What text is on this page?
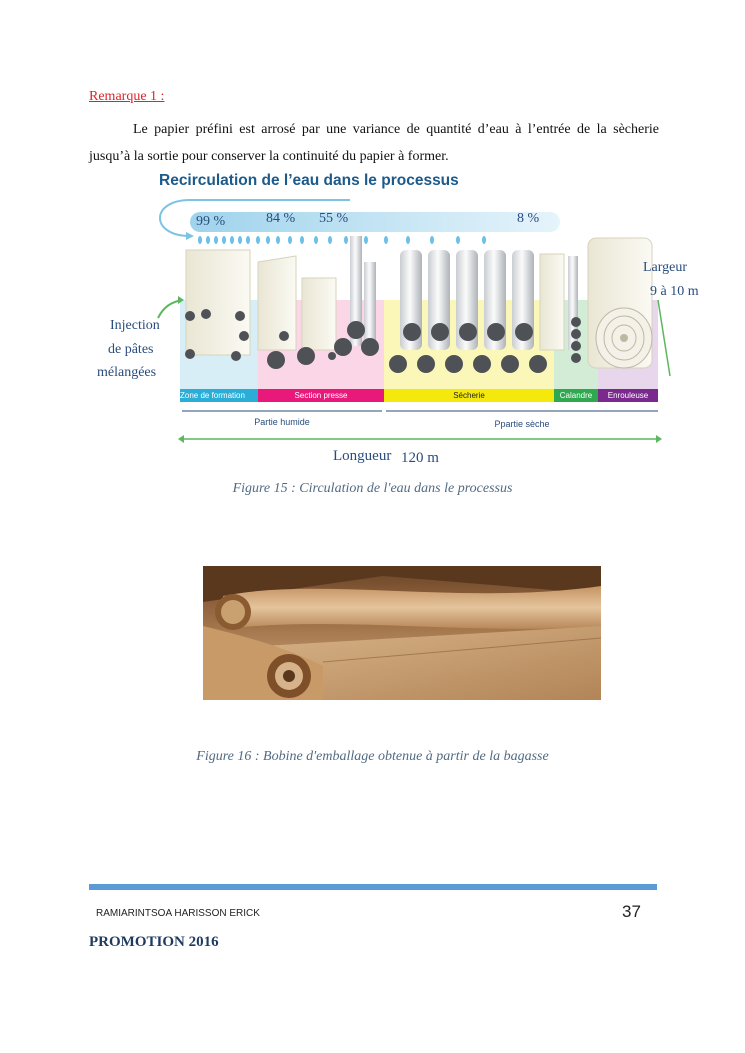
Remarque 1 :
Le papier préfini est arrosé par une variance de quantité d’eau à l’entrée de la sècherie jusqu’à la sortie pour conserver la continuité du papier à former.
Recirculation de l’eau dans le processus
99 %	84 % 55 %	8 %
Injection
de pâtes
mélangées
Largeur
9 à 10 m
Zone de formation	Section presse	Sécherie	Calandre	Enrouleuse
Partie humide	Ppartie sèche
Longueur 120 m
Figure 15 : Circulation de l'eau dans le processus
Figure 16 : Bobine d'emballage obtenue à partir de la bagasse
RAMIARINTSOA HARISSON ERICK	37
PROMOTION 2016
